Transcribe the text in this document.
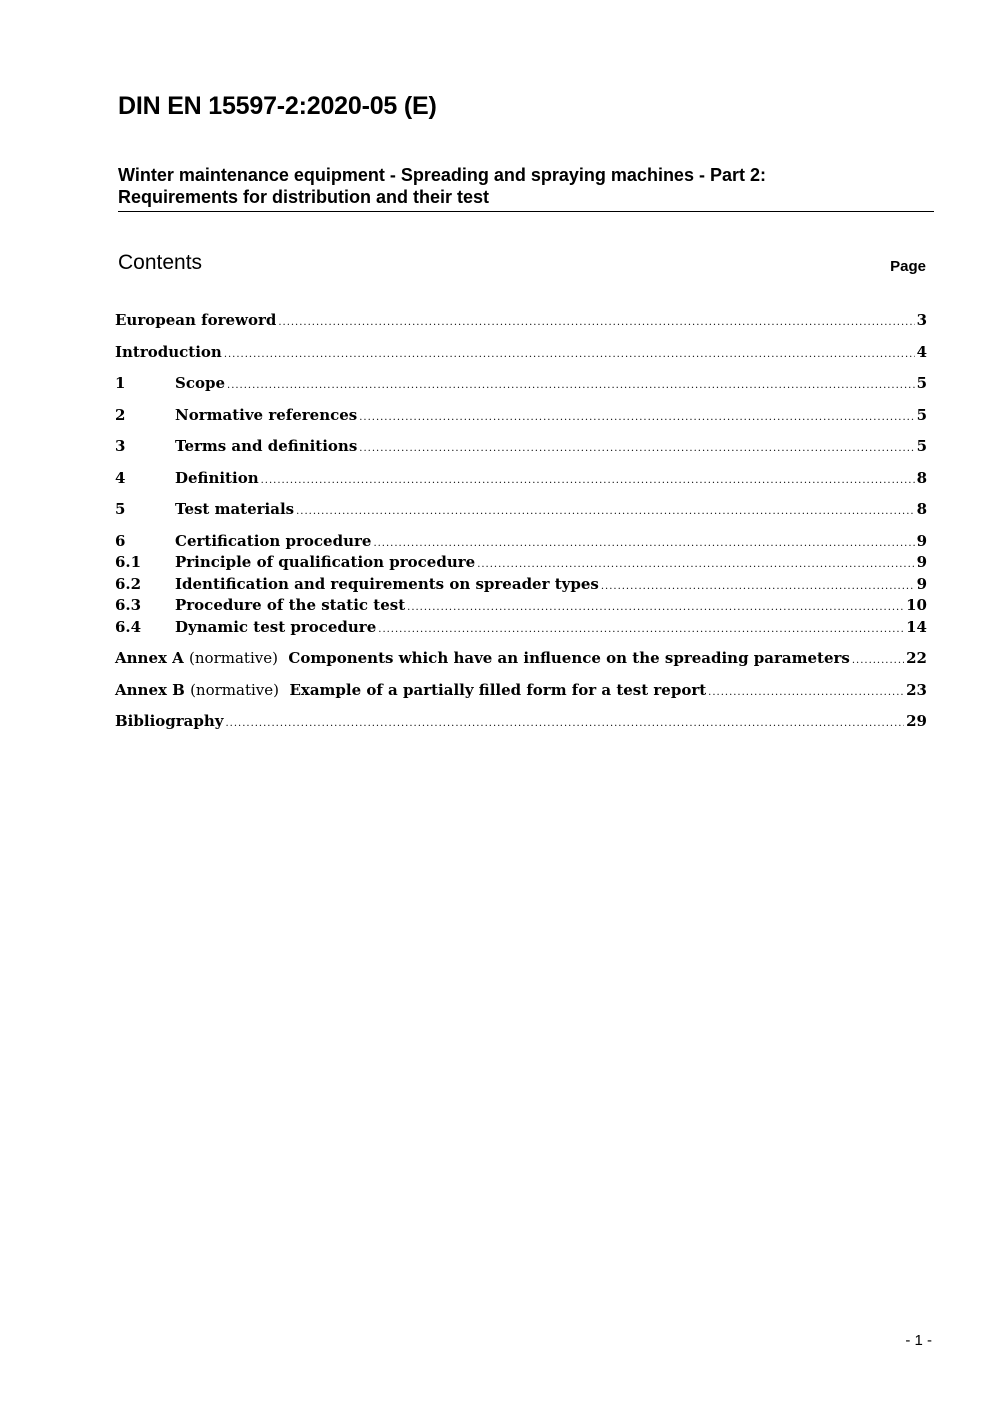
DIN EN 15597-2:2020-05 (E)
Winter maintenance equipment - Spreading and spraying machines - Part 2:
Requirements for distribution and their test
Contents	Page
European foreword .....	3
Introduction .....	4
1	Scope .....	5
2	Normative references .....	5
3	Terms and definitions .....	5
4	Definition .....	8
5	Test materials .....	8
6	Certification procedure .....	9
6.1	Principle of qualification procedure .....	9
6.2	Identification and requirements on spreader types .....	9
6.3	Procedure of the static test .....	10
6.4	Dynamic test procedure .....	14
Annex A (normative) Components which have an influence on the spreading parameters .....	22
Annex B (normative) Example of a partially filled form for a test report .....	23
Bibliography .....	29
- 1 -
